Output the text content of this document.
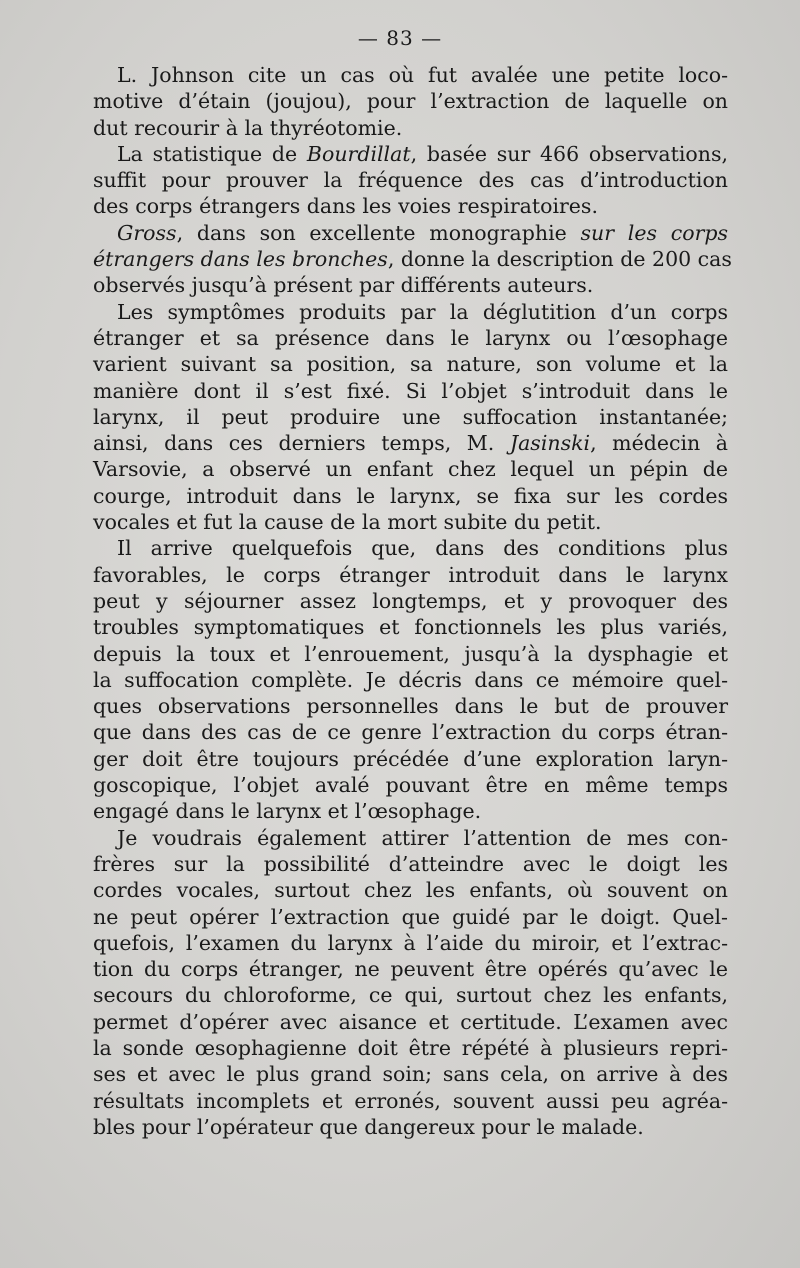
— 83 —

L. Johnson cite un cas où fut avalée une petite loco-
motive d’étain (joujou), pour l’extraction de laquelle on
dut recourir à la thyréotomie.

La statistique de Bourdillat, basée sur 466 observations,
suffit pour prouver la fréquence des cas d’introduction
des corps étrangers dans les voies respiratoires.

Gross, dans son excellente monographie sur les corps
étrangers dans les bronches, donne la description de 200 cas
observés jusqu’à présent par différents auteurs.

Les symptômes produits par la déglutition d’un corps
étranger et sa présence dans le larynx ou l’œsophage
varient suivant sa position, sa nature, son volume et la
manière dont il s’est fixé. Si l’objet s’introduit dans le
larynx, il peut produire une suffocation instantanée;
ainsi, dans ces derniers temps, M. Jasinski, médecin à
Varsovie, a observé un enfant chez lequel un pépin de
courge, introduit dans le larynx, se fixa sur les cordes
vocales et fut la cause de la mort subite du petit.

Il arrive quelquefois que, dans des conditions plus
favorables, le corps étranger introduit dans le larynx
peut y séjourner assez longtemps, et y provoquer des
troubles symptomatiques et fonctionnels les plus variés,
depuis la toux et l’enrouement, jusqu’à la dysphagie et
la suffocation complète. Je décris dans ce mémoire quel-
ques observations personnelles dans le but de prouver
que dans des cas de ce genre l’extraction du corps étran-
ger doit être toujours précédée d’une exploration laryn-
goscopique, l’objet avalé pouvant être en même temps
engagé dans le larynx et l’œsophage.

Je voudrais également attirer l’attention de mes con-
frères sur la possibilité d’atteindre avec le doigt les
cordes vocales, surtout chez les enfants, où souvent on
ne peut opérer l’extraction que guidé par le doigt. Quel-
quefois, l’examen du larynx à l’aide du miroir, et l’extrac-
tion du corps étranger, ne peuvent être opérés qu’avec le
secours du chloroforme, ce qui, surtout chez les enfants,
permet d’opérer avec aisance et certitude. L’examen avec
la sonde œsophagienne doit être répété à plusieurs repri-
ses et avec le plus grand soin; sans cela, on arrive à des
résultats incomplets et erronés, souvent aussi peu agréa-
bles pour l’opérateur que dangereux pour le malade.
